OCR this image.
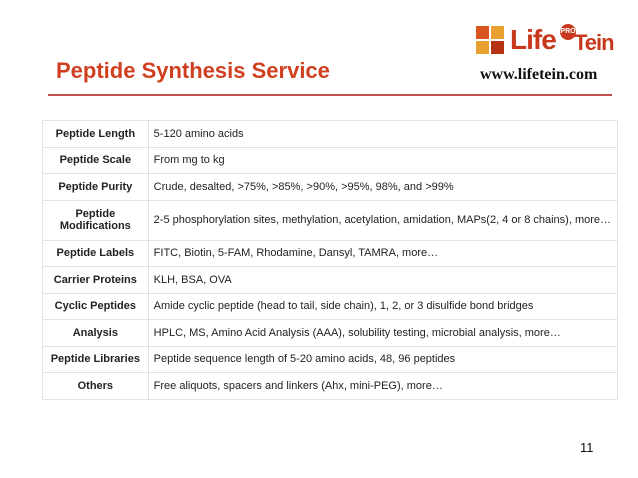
Life PRO
Tein
www.lifetein.com
Peptide Synthesis Service
Peptide Length	5-120 amino acids
Peptide Scale	From mg to kg
Peptide Purity	Crude, desalted, >75%, >85%, >90%, >95%, 98%, and >99%
Peptide Modifications	2-5 phosphorylation sites, methylation, acetylation, amidation, MAPs(2, 4 or 8 chains), more…
Peptide Labels	FITC, Biotin, 5-FAM, Rhodamine, Dansyl, TAMRA, more…
Carrier Proteins	KLH, BSA, OVA
Cyclic Peptides	Amide cyclic peptide (head to tail, side chain), 1, 2, or 3 disulfide bond bridges
Analysis	HPLC, MS, Amino Acid Analysis (AAA), solubility testing, microbial analysis, more…
Peptide Libraries	Peptide sequence length of 5-20 amino acids, 48, 96 peptides
Others	Free aliquots, spacers and linkers (Ahx, mini-PEG), more…
11
